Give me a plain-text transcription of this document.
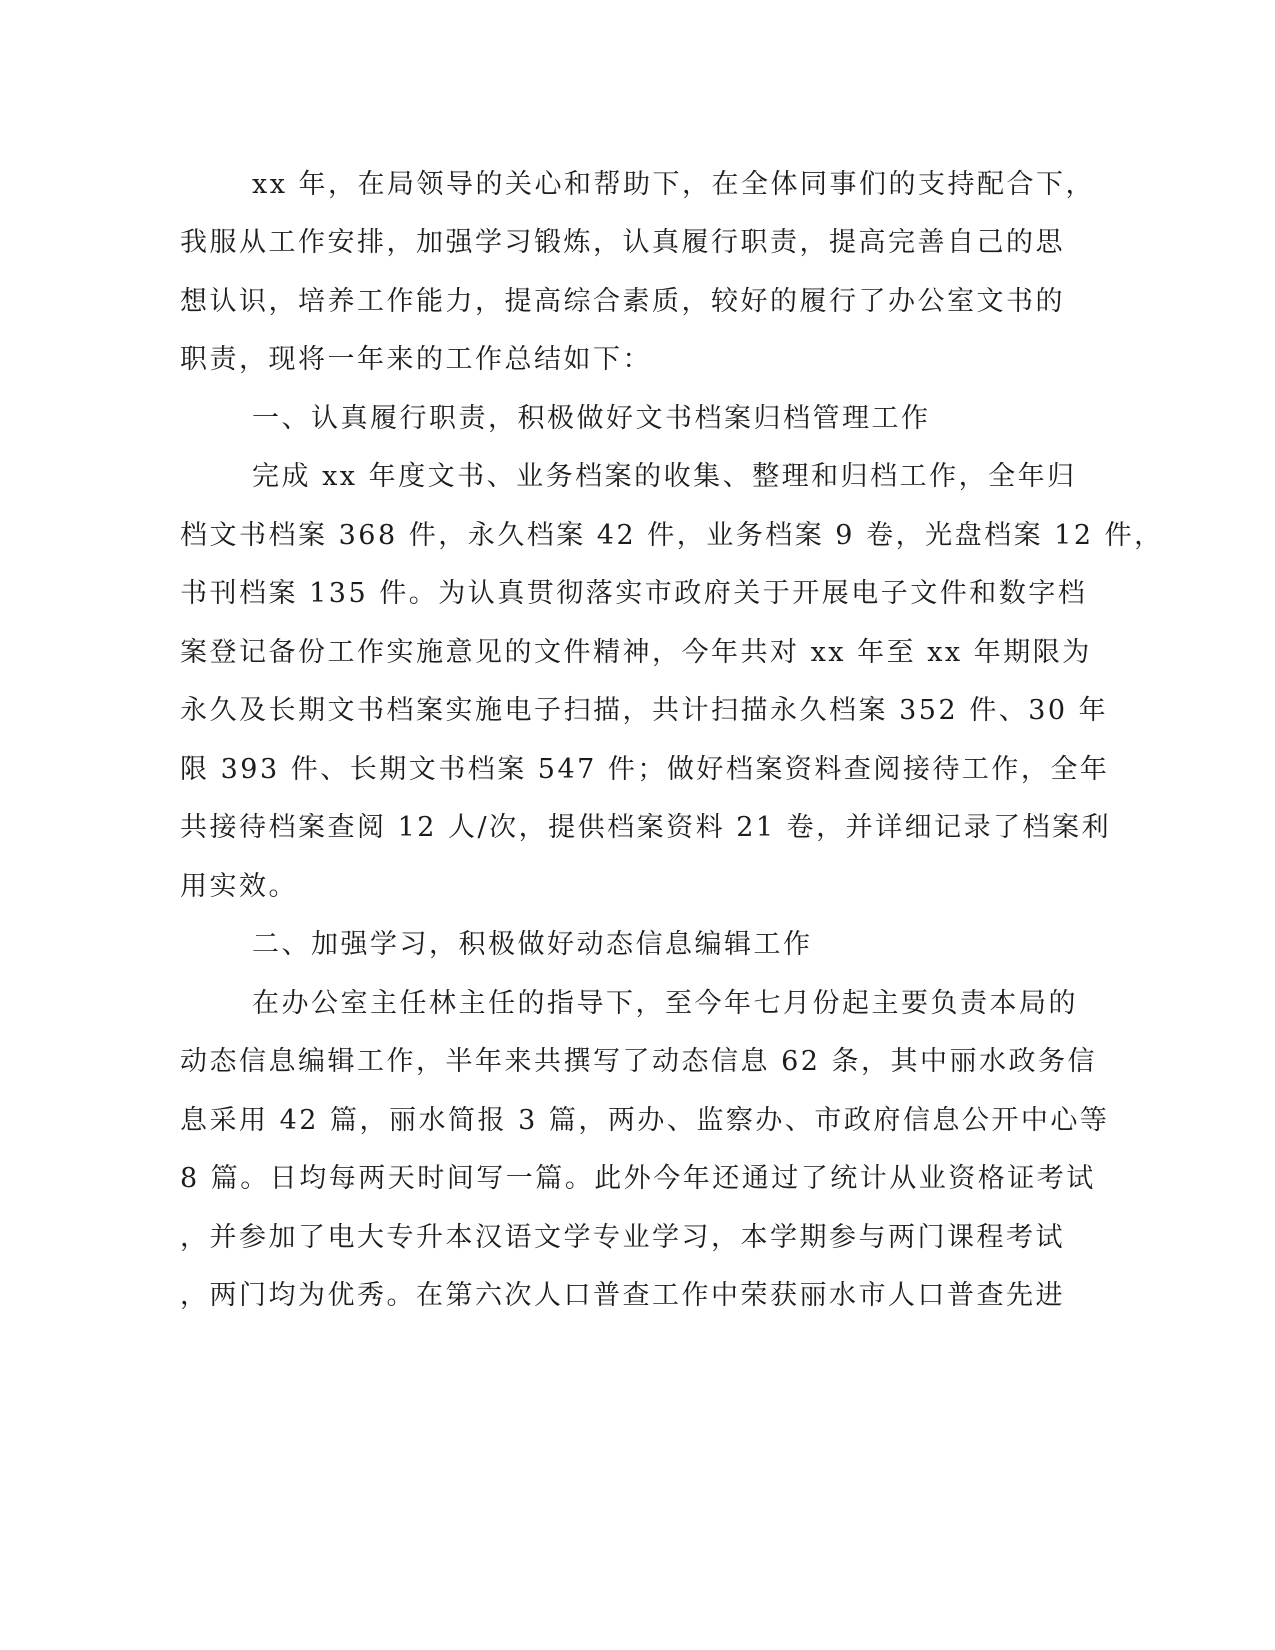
xx 年，在局领导的关心和帮助下，在全体同事们的支持配合下，
我服从工作安排，加强学习锻炼，认真履行职责，提高完善自己的思
想认识，培养工作能力，提高综合素质，较好的履行了办公室文书的
职责，现将一年来的工作总结如下：
一、认真履行职责，积极做好文书档案归档管理工作
完成 xx 年度文书、业务档案的收集、整理和归档工作，全年归
档文书档案 368 件，永久档案 42 件，业务档案 9 卷，光盘档案 12 件，
书刊档案 135 件。为认真贯彻落实市政府关于开展电子文件和数字档
案登记备份工作实施意见的文件精神，今年共对 xx 年至 xx 年期限为
永久及长期文书档案实施电子扫描，共计扫描永久档案 352 件、30 年
限 393 件、长期文书档案 547 件；做好档案资料查阅接待工作，全年
共接待档案查阅 12 人/次，提供档案资料 21 卷，并详细记录了档案利
用实效。
二、加强学习，积极做好动态信息编辑工作
在办公室主任林主任的指导下，至今年七月份起主要负责本局的
动态信息编辑工作，半年来共撰写了动态信息 62 条，其中丽水政务信
息采用 42 篇，丽水简报 3 篇，两办、监察办、市政府信息公开中心等
8 篇。日均每两天时间写一篇。此外今年还通过了统计从业资格证考试
，并参加了电大专升本汉语文学专业学习，本学期参与两门课程考试
，两门均为优秀。在第六次人口普查工作中荣获丽水市人口普查先进
